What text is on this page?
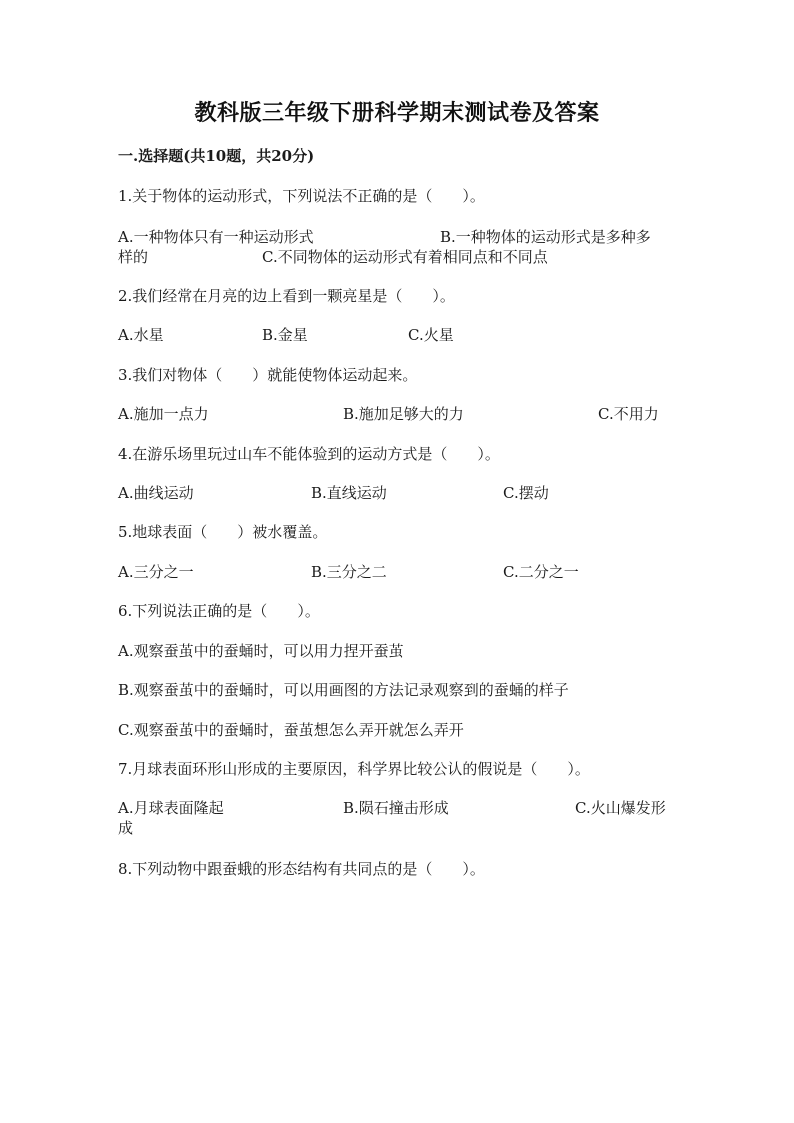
教科版三年级下册科学期末测试卷及答案
一.选择题(共10题，共20分)
1.关于物体的运动形式，下列说法不正确的是（　　）。
A.一种物体只有一种运动形式	B.一种物体的运动形式是多种多
样的	C.不同物体的运动形式有着相同点和不同点
2.我们经常在月亮的边上看到一颗亮星是（　　）。
A.水星	B.金星	C.火星
3.我们对物体（　　）就能使物体运动起来。
A.施加一点力	B.施加足够大的力	C.不用力
4.在游乐场里玩过山车不能体验到的运动方式是（　　）。
A.曲线运动	B.直线运动	C.摆动
5.地球表面（　　）被水覆盖。
A.三分之一	B.三分之二	C.二分之一
6.下列说法正确的是（　　）。
A.观察蚕茧中的蚕蛹时，可以用力捏开蚕茧
B.观察蚕茧中的蚕蛹时，可以用画图的方法记录观察到的蚕蛹的样子
C.观察蚕茧中的蚕蛹时，蚕茧想怎么弄开就怎么弄开
7.月球表面环形山形成的主要原因，科学界比较公认的假说是（　　）。
A.月球表面隆起	B.陨石撞击形成	C.火山爆发形
成
8.下列动物中跟蚕蛾的形态结构有共同点的是（　　）。
